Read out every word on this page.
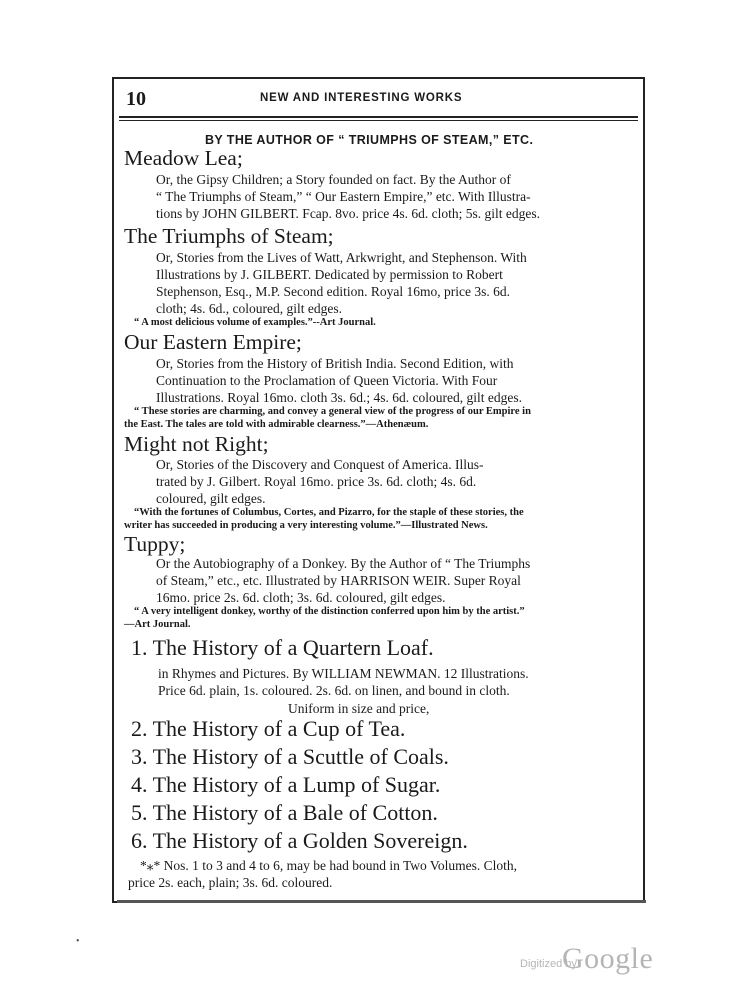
10	NEW AND INTERESTING WORKS
BY THE AUTHOR OF “ TRIUMPHS OF STEAM,” ETC.
Meadow Lea;
Or, the Gipsy Children; a Story founded on fact. By the Author of
“ The Triumphs of Steam,” “ Our Eastern Empire,” etc. With Illustra-
tions by JOHN GILBERT. Fcap. 8vo. price 4s. 6d. cloth; 5s. gilt edges.
The Triumphs of Steam;
Or, Stories from the Lives of Watt, Arkwright, and Stephenson. With
Illustrations by J. GILBERT. Dedicated by permission to Robert
Stephenson, Esq., M.P. Second edition. Royal 16mo, price 3s. 6d.
cloth; 4s. 6d., coloured, gilt edges.
“ A most delicious volume of examples.”--Art Journal.
Our Eastern Empire;
Or, Stories from the History of British India. Second Edition, with
Continuation to the Proclamation of Queen Victoria. With Four
Illustrations. Royal 16mo. cloth 3s. 6d.; 4s. 6d. coloured, gilt edges.
“ These stories are charming, and convey a general view of the progress of our Empire in
the East. The tales are told with admirable clearness.”—Athenæum.
Might not Right;
Or, Stories of the Discovery and Conquest of America. Illus-
trated by J. Gilbert. Royal 16mo. price 3s. 6d. cloth; 4s. 6d.
coloured, gilt edges.
“With the fortunes of Columbus, Cortes, and Pizarro, for the staple of these stories, the
writer has succeeded in producing a very interesting volume.”—Illustrated News.
Tuppy;
Or the Autobiography of a Donkey. By the Author of “ The Triumphs
of Steam,” etc., etc. Illustrated by HARRISON WEIR. Super Royal
16mo. price 2s. 6d. cloth; 3s. 6d. coloured, gilt edges.
“ A very intelligent donkey, worthy of the distinction conferred upon him by the artist.”
—Art Journal.
1. The History of a Quartern Loaf.
in Rhymes and Pictures. By WILLIAM NEWMAN. 12 Illustrations.
Price 6d. plain, 1s. coloured. 2s. 6d. on linen, and bound in cloth.
Uniform in size and price,
2. The History of a Cup of Tea.
3. The History of a Scuttle of Coals.
4. The History of a Lump of Sugar.
5. The History of a Bale of Cotton.
6. The History of a Golden Sovereign.
*⁎* Nos. 1 to 3 and 4 to 6, may be had bound in Two Volumes. Cloth,
price 2s. each, plain; 3s. 6d. coloured.
•
Digitized by
Google
